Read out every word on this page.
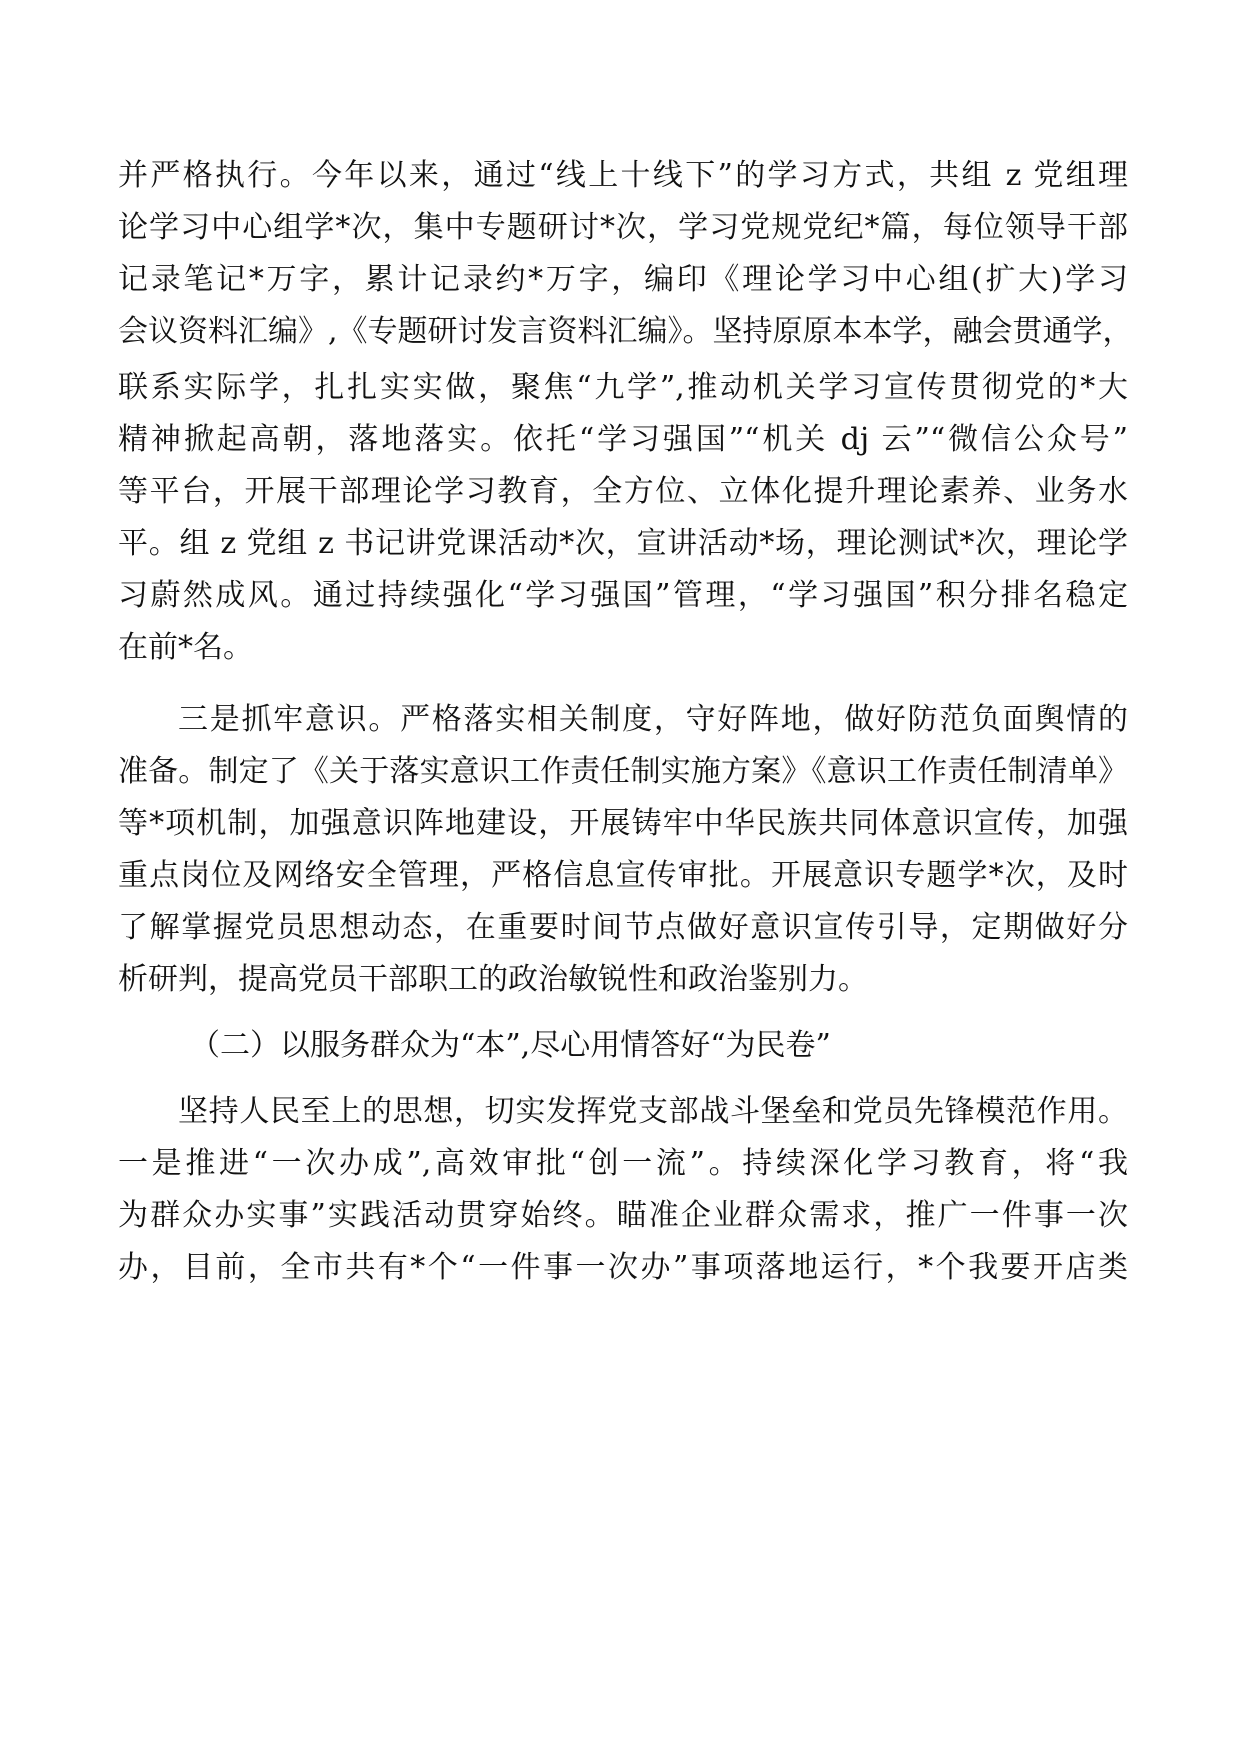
并严格执行。今年以来，通过“线上十线下”的学习方式，共组 z 党组理
论学习中心组学*次，集中专题研讨*次，学习党规党纪*篇，每位领导干部
记录笔记*万字，累计记录约*万字，编印《理论学习中心组(扩大)学习
会议资料汇编》,《专题研讨发言资料汇编》。坚持原原本本学，融会贯通学，
联系实际学，扎扎实实做，聚焦“九学”,推动机关学习宣传贯彻党的*大
精神掀起高朝，落地落实。依托“学习强国”“机关 dj 云”“微信公众号”
等平台，开展干部理论学习教育，全方位、立体化提升理论素养、业务水
平。组 z 党组 z 书记讲党课活动*次，宣讲活动*场，理论测试*次，理论学
习蔚然成风。通过持续强化“学习强国”管理，“学习强国”积分排名稳定
在前*名。
三是抓牢意识。严格落实相关制度，守好阵地，做好防范负面舆情的
准备。制定了《关于落实意识工作责任制实施方案》《意识工作责任制清单》
等*项机制，加强意识阵地建设，开展铸牢中华民族共同体意识宣传，加强
重点岗位及网络安全管理，严格信息宣传审批。开展意识专题学*次，及时
了解掌握党员思想动态，在重要时间节点做好意识宣传引导，定期做好分
析研判，提高党员干部职工的政治敏锐性和政治鉴别力。
（二）以服务群众为“本”,尽心用情答好“为民卷”
坚持人民至上的思想，切实发挥党支部战斗堡垒和党员先锋模范作用。
一是推进“一次办成”,高效审批“创一流”。持续深化学习教育，将“我
为群众办实事”实践活动贯穿始终。瞄准企业群众需求，推广一件事一次
办，目前，全市共有*个“一件事一次办”事项落地运行，*个我要开店类
